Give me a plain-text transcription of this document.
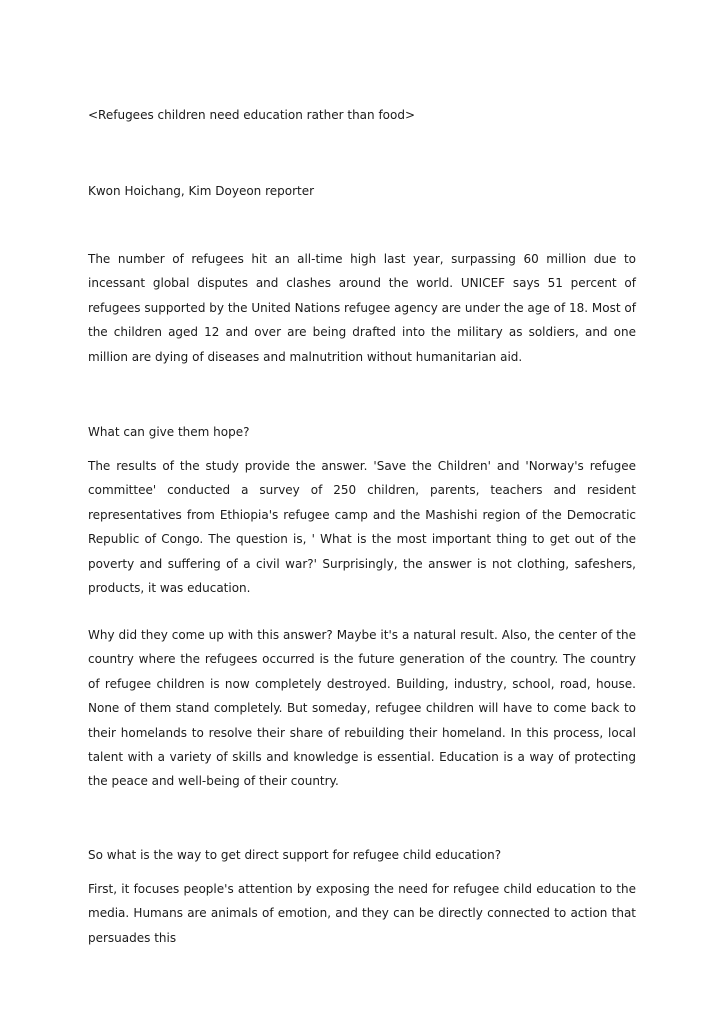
<Refugees children need education rather than food>

Kwon Hoichang, Kim Doyeon reporter

The number of refugees hit an all-time high last year, surpassing 60 million due to incessant global disputes and clashes around the world. UNICEF says 51 percent of refugees supported by the United Nations refugee agency are under the age of 18. Most of the children aged 12 and over are being drafted into the military as soldiers, and one million are dying of diseases and malnutrition without humanitarian aid.

What can give them hope?

The results of the study provide the answer. 'Save the Children' and 'Norway's refugee committee' conducted a survey of 250 children, parents, teachers and resident representatives from Ethiopia's refugee camp and the Mashishi region of the Democratic Republic of Congo. The question is, ' What is the most important thing to get out of the poverty and suffering of a civil war?' Surprisingly, the answer is not clothing, safeshers, products, it was education.

Why did they come up with this answer? Maybe it's a natural result. Also, the center of the country where the refugees occurred is the future generation of the country. The country of refugee children is now completely destroyed. Building, industry, school, road, house. None of them stand completely. But someday, refugee children will have to come back to their homelands to resolve their share of rebuilding their homeland. In this process, local talent with a variety of skills and knowledge is essential. Education is a way of protecting the peace and well-being of their country.

So what is the way to get direct support for refugee child education?

First, it focuses people's attention by exposing the need for refugee child education to the media. Humans are animals of emotion, and they can be directly connected to action that persuades this
